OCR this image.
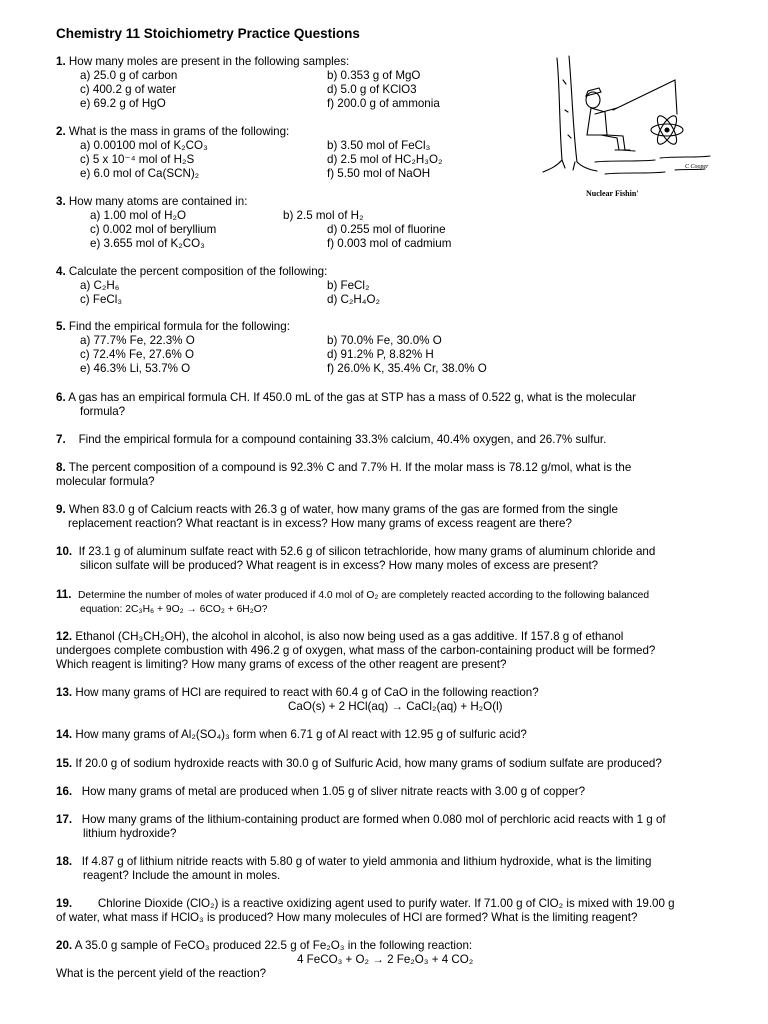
Chemistry 11 Stoichiometry Practice Questions
C Cooper
Nuclear Fishin'
1. How many moles are present in the following samples:
a) 25.0 g of carbon	b) 0.353 g of MgO
c) 400.2 g of water	d) 5.0 g of KClO3
e) 69.2 g of HgO	f) 200.0 g of ammonia
2. What is the mass in grams of the following:
a) 0.00100 mol of K₂CO₃	b) 3.50 mol of FeCl₃
c) 5 x 10⁻⁴ mol of H₂S	d) 2.5 mol of HC₂H₃O₂
e) 6.0 mol of Ca(SCN)₂	f) 5.50 mol of NaOH
3. How many atoms are contained in:
a) 1.00 mol of H₂O	b) 2.5 mol of H₂
c) 0.002 mol of beryllium	d) 0.255 mol of fluorine
e) 3.655 mol of K₂CO₃	f) 0.003 mol of cadmium
4. Calculate the percent composition of the following:
a) C₂H₆	b) FeCl₂
c) FeCl₃	d) C₂H₄O₂
5. Find the empirical formula for the following:
a) 77.7% Fe, 22.3% O	b) 70.0% Fe, 30.0% O
c) 72.4% Fe, 27.6% O	d) 91.2% P, 8.82% H
e) 46.3% Li, 53.7% O	f) 26.0% K, 35.4% Cr, 38.0% O
6. A gas has an empirical formula CH. If 450.0 mL of the gas at STP has a mass of 0.522 g, what is the molecular
formula?
7. Find the empirical formula for a compound containing 33.3% calcium, 40.4% oxygen, and 26.7% sulfur.
8. The percent composition of a compound is 92.3% C and 7.7% H. If the molar mass is 78.12 g/mol, what is the
molecular formula?
9. When 83.0 g of Calcium reacts with 26.3 g of water, how many grams of the gas are formed from the single
replacement reaction? What reactant is in excess? How many grams of excess reagent are there?
10. If 23.1 g of aluminum sulfate react with 52.6 g of silicon tetrachloride, how many grams of aluminum chloride and
silicon sulfate will be produced? What reagent is in excess? How many moles of excess are present?
11. Determine the number of moles of water produced if 4.0 mol of O₂ are completely reacted according to the following balanced
equation: 2C₃H₆ + 9O₂ → 6CO₂ + 6H₂O?
12. Ethanol (CH₃CH₂OH), the alcohol in alcohol, is also now being used as a gas additive. If 157.8 g of ethanol
undergoes complete combustion with 496.2 g of oxygen, what mass of the carbon-containing product will be formed?
Which reagent is limiting? How many grams of excess of the other reagent are present?
13. How many grams of HCl are required to react with 60.4 g of CaO in the following reaction?
CaO(s) + 2 HCl(aq) → CaCl₂(aq) + H₂O(l)
14. How many grams of Al₂(SO₄)₃ form when 6.71 g of Al react with 12.95 g of sulfuric acid?
15. If 20.0 g of sodium hydroxide reacts with 30.0 g of Sulfuric Acid, how many grams of sodium sulfate are produced?
16. How many grams of metal are produced when 1.05 g of sliver nitrate reacts with 3.00 g of copper?
17. How many grams of the lithium-containing product are formed when 0.080 mol of perchloric acid reacts with 1 g of
lithium hydroxide?
18. If 4.87 g of lithium nitride reacts with 5.80 g of water to yield ammonia and lithium hydroxide, what is the limiting
reagent? Include the amount in moles.
19. Chlorine Dioxide (ClO₂) is a reactive oxidizing agent used to purify water. If 71.00 g of ClO₂ is mixed with 19.00 g
of water, what mass if HClO₃ is produced? How many molecules of HCl are formed? What is the limiting reagent?
20. A 35.0 g sample of FeCO₃ produced 22.5 g of Fe₂O₃ in the following reaction:
4 FeCO₃ + O₂ → 2 Fe₂O₃ + 4 CO₂
What is the percent yield of the reaction?
